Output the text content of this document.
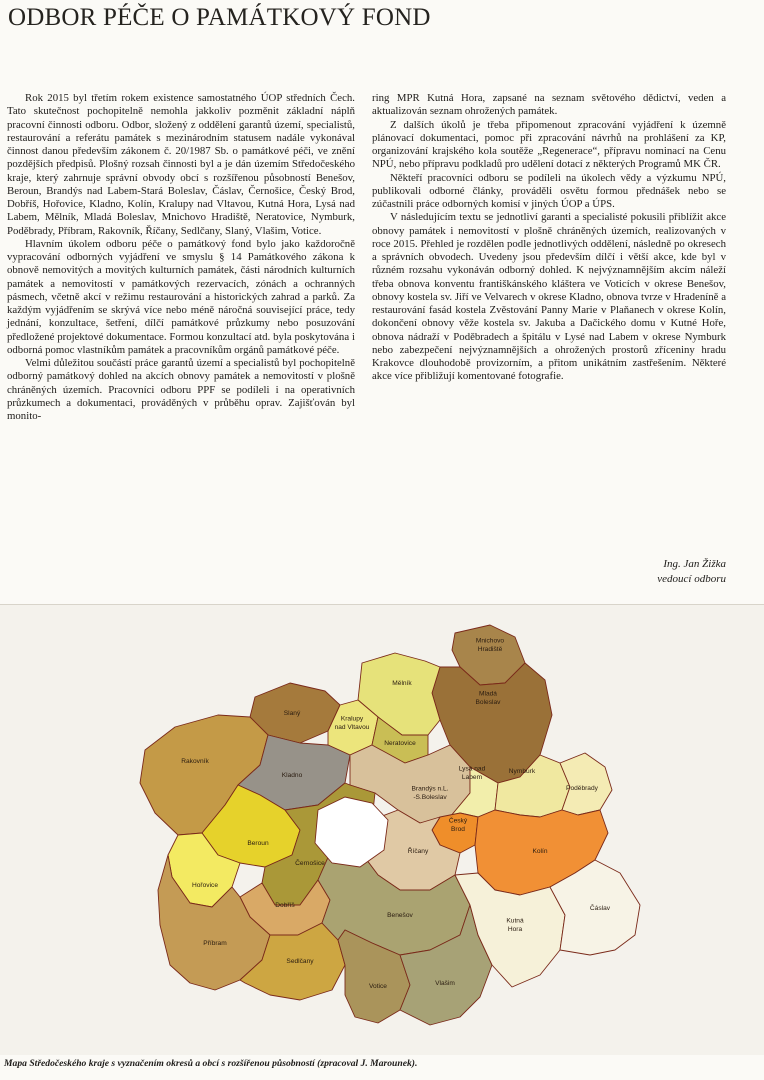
ODBOR PÉČE O PAMÁTKOVÝ FOND

Rok 2015 byl třetím rokem existence samostatného ÚOP středních Čech. Tato skutečnost pochopitelně nemohla jakkoliv pozměnit základní náplň pracovní činnosti odboru. Odbor, složený z oddělení garantů území, specialistů, restaurování a referátu památek s mezinárodním statusem nadále vykonával činnost danou především zákonem č. 20/1987 Sb. o památkové péči, ve znění pozdějších předpisů. Plošný rozsah činnosti byl a je dán územím Středočeského kraje, který zahrnuje správní obvody obcí s rozšířenou působností Benešov, Beroun, Brandýs nad Labem-Stará Boleslav, Čáslav, Černošice, Český Brod, Dobříš, Hořovice, Kladno, Kolín, Kralupy nad Vltavou, Kutná Hora, Lysá nad Labem, Mělník, Mladá Boleslav, Mnichovo Hradiště, Neratovice, Nymburk, Poděbrady, Příbram, Rakovník, Říčany, Sedlčany, Slaný, Vlašim, Votice.

Hlavním úkolem odboru péče o památkový fond bylo jako každoročně vypracování odborných vyjádření ve smyslu § 14 Památkového zákona k obnově nemovitých a movitých kulturních památek, části národních kulturních památek a nemovitostí v památkových rezervacích, zónách a ochranných pásmech, včetně akcí v režimu restaurování a historických zahrad a parků. Za každým vyjádřením se skrývá více nebo méně náročná související práce, tedy jednání, konzultace, šetření, dílčí památkové průzkumy nebo posuzování předložené projektové dokumentace. Formou konzultací atd. byla poskytována i odborná pomoc vlastníkům památek a pracovníkům orgánů památkové péče.

Velmi důležitou součástí práce garantů území a specialistů byl pochopitelně odborný památkový dohled na akcích obnovy památek a nemovitostí v plošně chráněných územích. Pracovníci odboru PPF se podíleli i na operativních průzkumech a dokumentaci, prováděných v průběhu oprav. Zajišťován byl monito-

ring MPR Kutná Hora, zapsané na seznam světového dědictví, veden a aktualizován seznam ohrožených památek.

Z dalších úkolů je třeba připomenout zpracování vyjádření k územně plánovací dokumentaci, pomoc při zpracování návrhů na prohlášení za KP, organizování krajského kola soutěže „Regenerace“, přípravu nominací na Cenu NPÚ, nebo přípravu podkladů pro udělení dotací z některých Programů MK ČR.

Někteří pracovníci odboru se podíleli na úkolech vědy a výzkumu NPÚ, publikovali odborné články, prováděli osvětu formou přednášek nebo se zúčastnili práce odborných komisí v jiných ÚOP a ÚPS.

V následujícím textu se jednotliví garanti a specialisté pokusili přiblížit akce obnovy památek i nemovitostí v plošně chráněných územích, realizovaných v roce 2015. Přehled je rozdělen podle jednotlivých oddělení, následně po okresech a správních obvodech. Uvedeny jsou především dílčí i větší akce, kde byl v různém rozsahu vykonáván odborný dohled. K nejvýznamnějším akcím náleží třeba obnova konventu františkánského kláštera ve Voticích v okrese Benešov, obnovy kostela sv. Jiří ve Velvarech v okrese Kladno, obnova tvrze v Hradeníně a restaurování fasád kostela Zvěstování Panny Marie v Plaňanech v okrese Kolín, dokončení obnovy věže kostela sv. Jakuba a Dačického domu v Kutné Hoře, obnova nádraží v Poděbradech a špitálu v Lysé nad Labem v okrese Nymburk nebo zabezpečení nejvýznamnějších a ohrožených prostorů zříceniny hradu Krakovce dlouhodobě provizorním, a přitom unikátním zastřešením. Některé akce více přibližují komentované fotografie.

Ing. Jan Žižka
vedoucí odboru
Mnichovo Hradiště
Mladá Boleslav
Mělník
Slaný
Kralupy nad Vltavou
Neratovice
Rakovník
Kladno
Brandýs n.L. -S.Boleslav
Lysá nad Labem
Nymburk
Poděbrady
Beroun
Hořovice
Černošice
Český Brod
Kolín
Říčany
Dobříš
Příbram
Sedlčany
Benešov
Votice	Vlašim
Kutná Hora
Čáslav
Mapa Středočeského kraje s vyznačením okresů a obcí s rozšířenou působností (zpracoval J. Marounek).
